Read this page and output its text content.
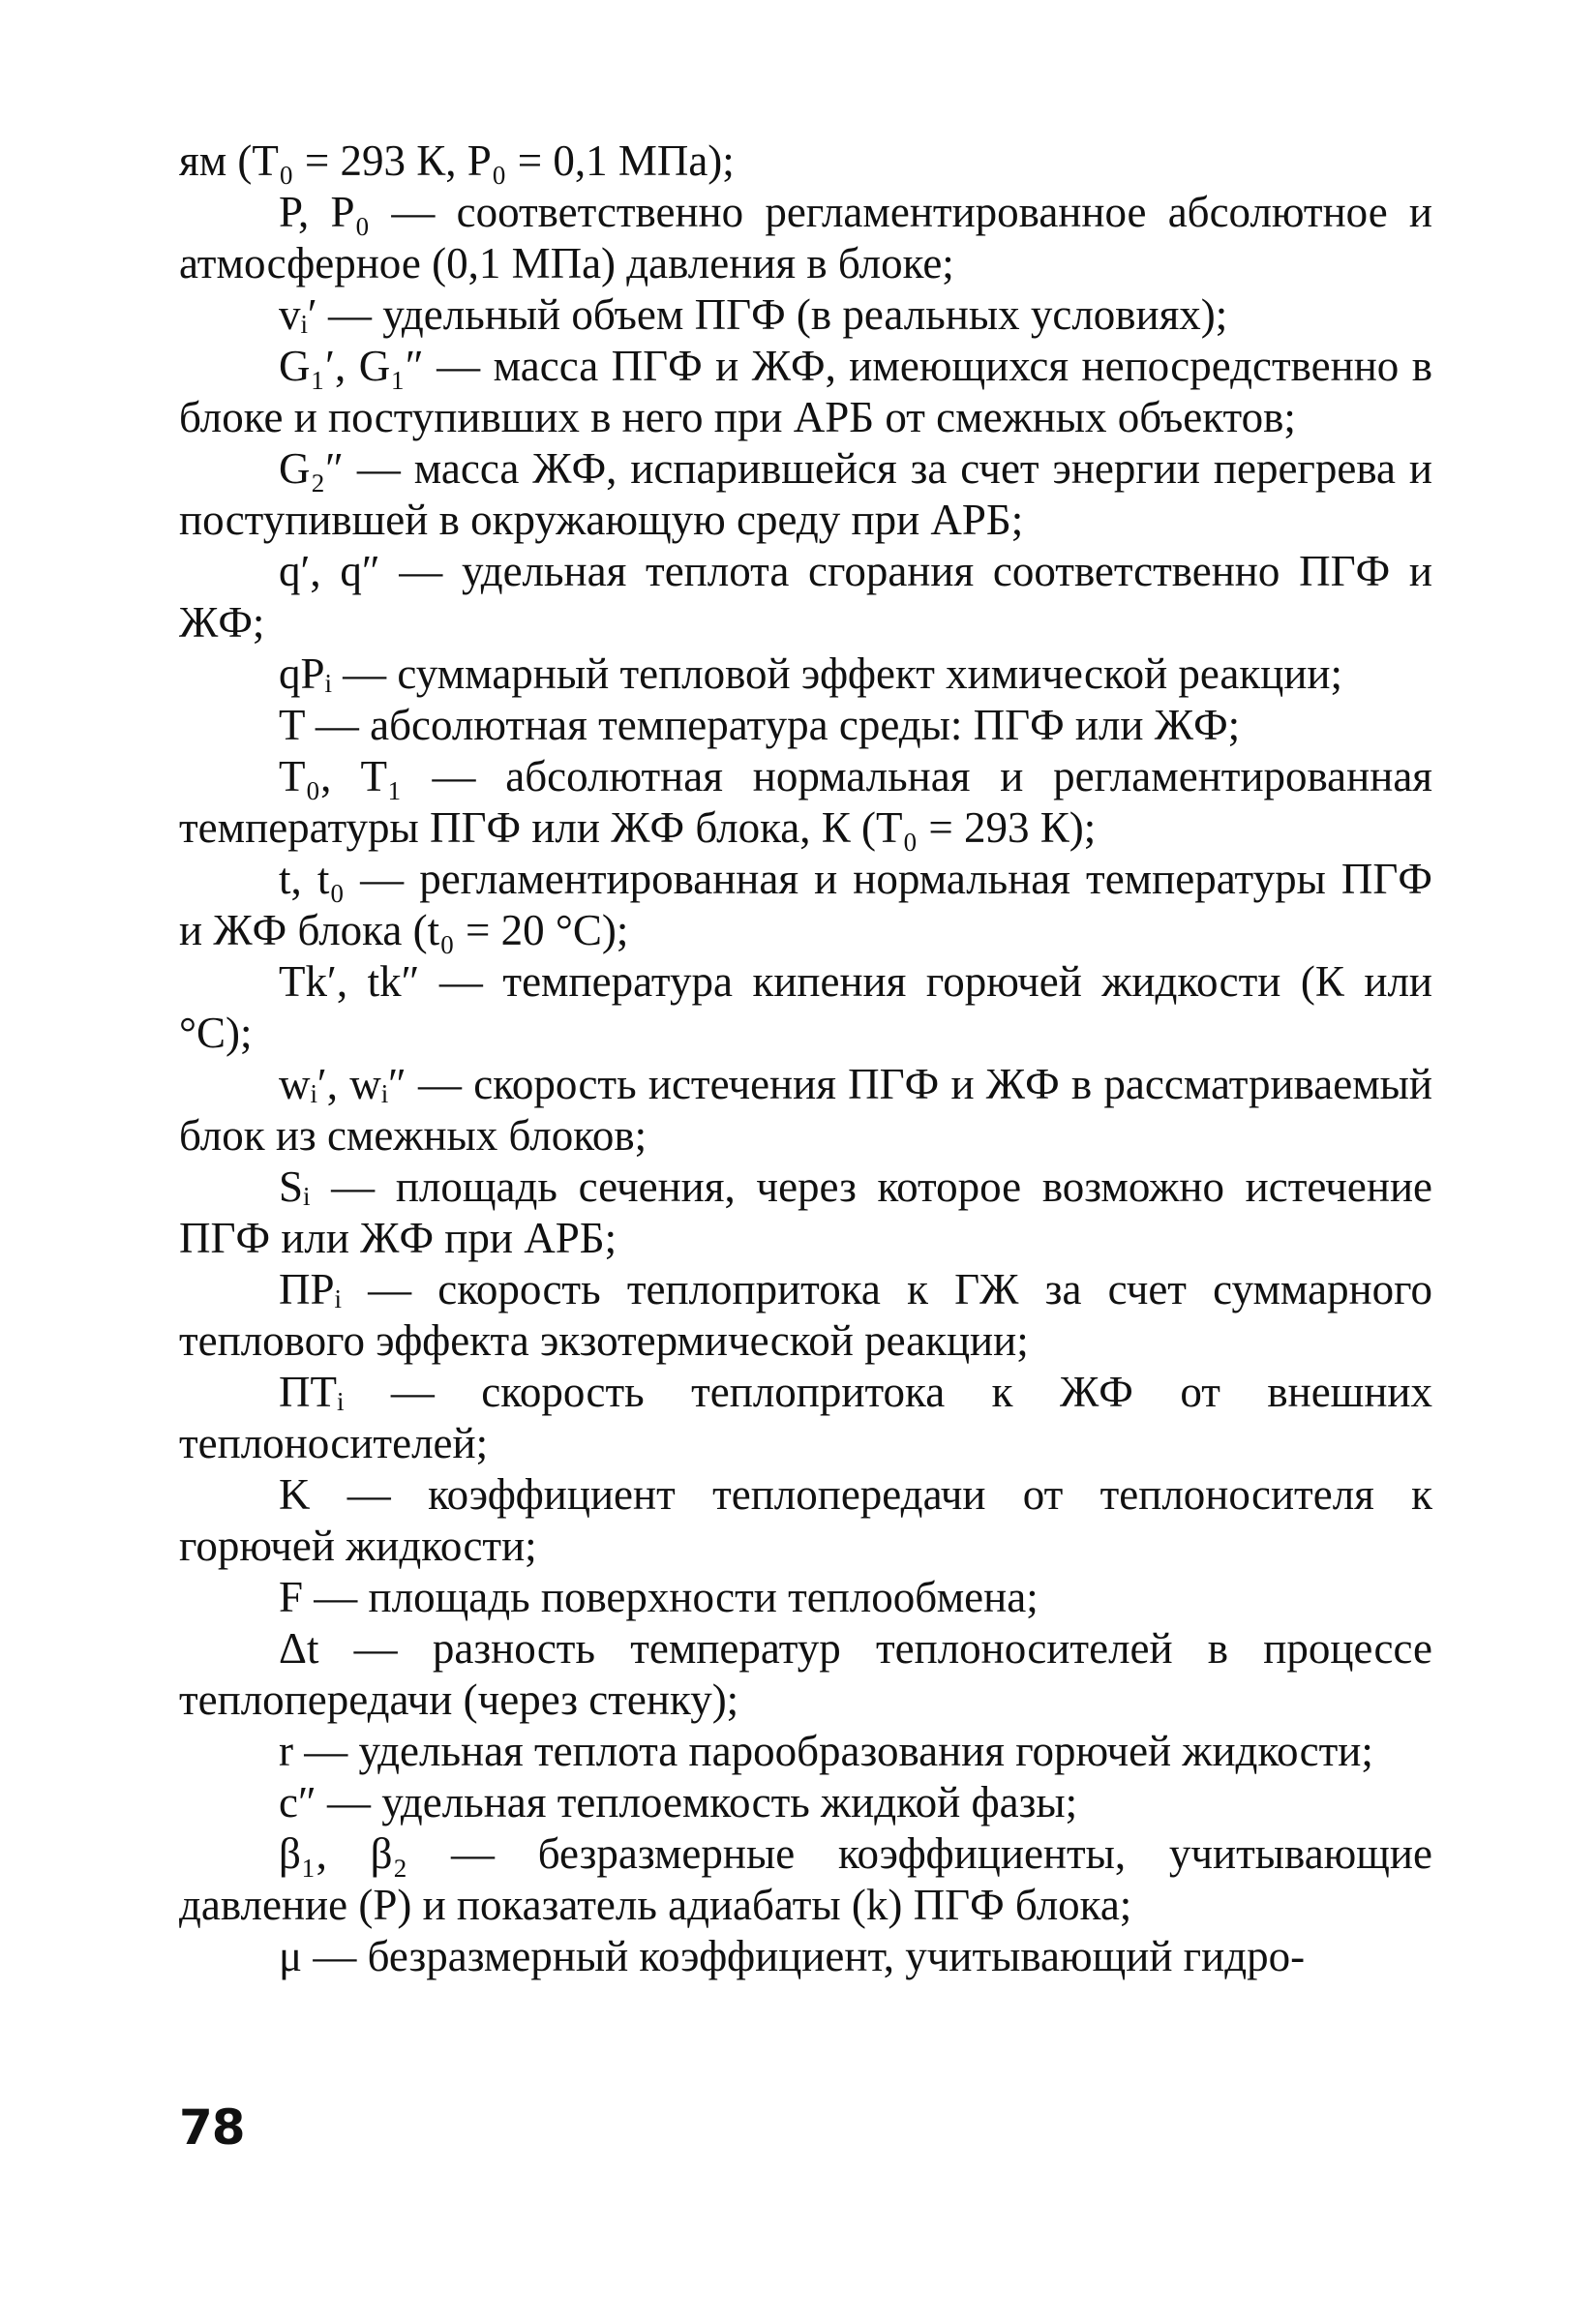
ям (T₀ = 293 К, P₀ = 0,1 МПа);

P, P₀ — соответственно регламентированное абсолютное и атмосферное (0,1 МПа) давления в блоке;

vᵢ′ — удельный объем ПГФ (в реальных условиях);

G₁′, G₁″ — масса ПГФ и ЖФ, имеющихся непосредственно в блоке и поступивших в него при АРБ от смежных объектов;

G₂″ — масса ЖФ, испарившейся за счет энергии перегрева и поступившей в окружающую среду при АРБ;

q′, q″ — удельная теплота сгорания соответственно ПГФ и ЖФ;

qPᵢ — суммарный тепловой эффект химической реакции;

T — абсолютная температура среды: ПГФ или ЖФ;

T₀, T₁ — абсолютная нормальная и регламентированная температуры ПГФ или ЖФ блока, К (T₀ = 293 К);

t, t₀ — регламентированная и нормальная температуры ПГФ и ЖФ блока (t₀ = 20 °С);

Tk′, tk″ — температура кипения горючей жидкости (К или °С);

wᵢ′, wᵢ″ — скорость истечения ПГФ и ЖФ в рассматриваемый блок из смежных блоков;

Sᵢ — площадь сечения, через которое возможно истечение ПГФ или ЖФ при АРБ;

ПPᵢ — скорость теплопритока к ГЖ за счет суммарного теплового эффекта экзотермической реакции;

ПTᵢ — скорость теплопритока к ЖФ от внешних теплоносителей;

K — коэффициент теплопередачи от теплоносителя к горючей жидкости;

F — площадь поверхности теплообмена;

Δt — разность температур теплоносителей в процессе теплопередачи (через стенку);

r — удельная теплота парообразования горючей жидкости;

c″ — удельная теплоемкость жидкой фазы;

β₁, β₂ — безразмерные коэффициенты, учитывающие давление (P) и показатель адиабаты (k) ПГФ блока;

μ — безразмерный коэффициент, учитывающий гидро-

78
